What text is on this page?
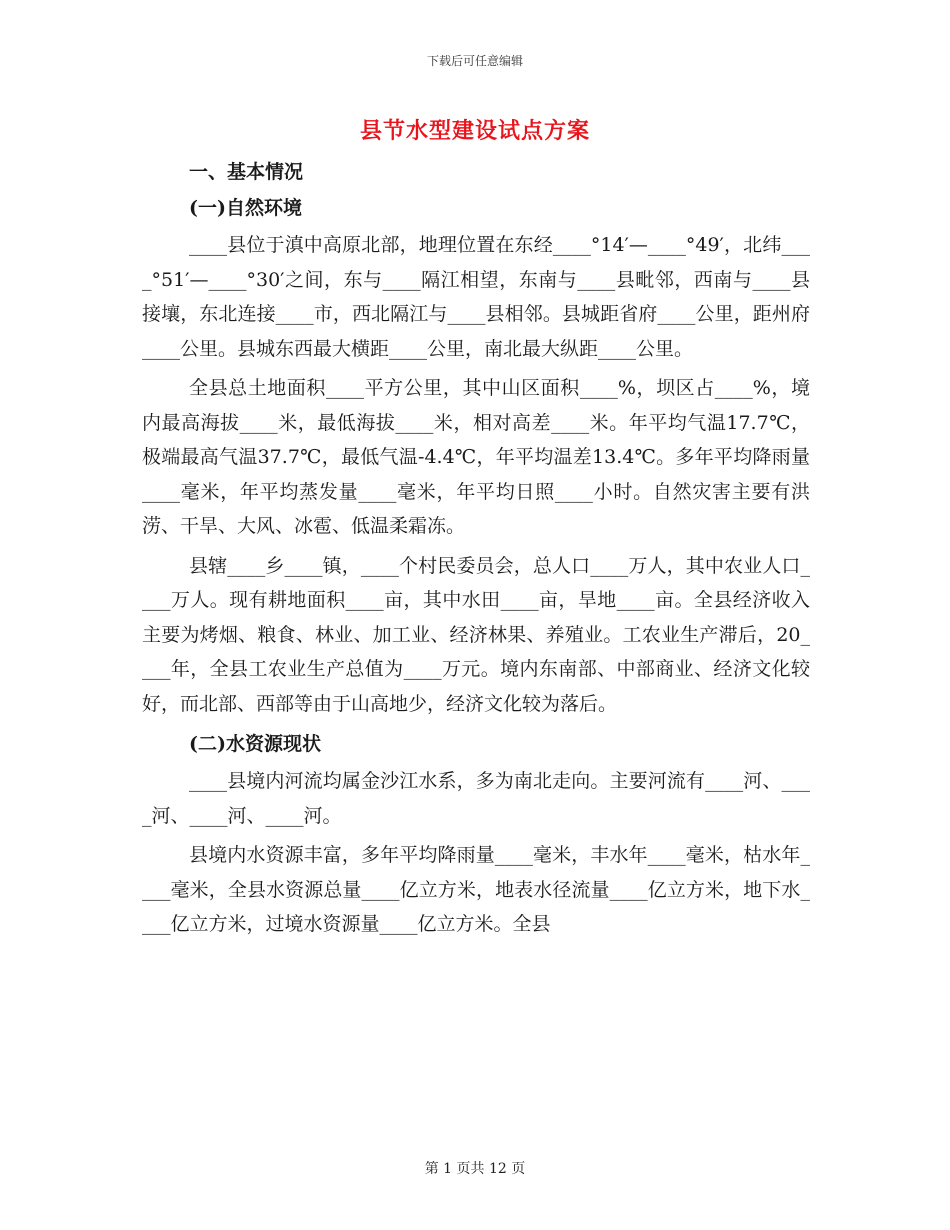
下载后可任意编辑
县节水型建设试点方案
一、基本情况
(一)自然环境

____县位于滇中高原北部，地理位置在东经____°14′—____°49′，北纬____°51′—____°30′之间，东与____隔江相望，东南与____县毗邻，西南与____县接壤，东北连接____市，西北隔江与____县相邻。县城距省府____公里，距州府____公里。县城东西最大横距____公里，南北最大纵距____公里。

全县总土地面积____平方公里，其中山区面积____%，坝区占____%，境内最高海拔____米，最低海拔____米，相对高差____米。年平均气温17.7℃，极端最高气温37.7℃，最低气温-4.4℃，年平均温差13.4℃。多年平均降雨量____毫米，年平均蒸发量____毫米，年平均日照____小时。自然灾害主要有洪涝、干旱、大风、冰雹、低温柔霜冻。

县辖____乡____镇，____个村民委员会，总人口____万人，其中农业人口____万人。现有耕地面积____亩，其中水田____亩，旱地____亩。全县经济收入主要为烤烟、粮食、林业、加工业、经济林果、养殖业。工农业生产滞后，20____年，全县工农业生产总值为____万元。境内东南部、中部商业、经济文化较好，而北部、西部等由于山高地少，经济文化较为落后。

(二)水资源现状

____县境内河流均属金沙江水系，多为南北走向。主要河流有____河、____河、____河、____河。

县境内水资源丰富，多年平均降雨量____毫米，丰水年____毫米，枯水年____毫米，全县水资源总量____亿立方米，地表水径流量____亿立方米，地下水____亿立方米，过境水资源量____亿立方米。全县

第 1 页共 12 页
